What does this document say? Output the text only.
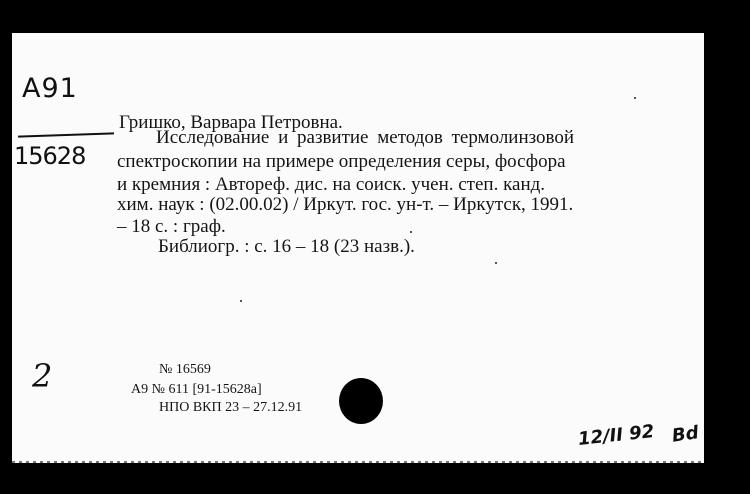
А91
15628
Гришко, Варвара Петровна.
Исследование и развитие методов термолинзовой
спектроскопии на примере определения серы, фосфора
и кремния : Автореф. дис. на соиск. учен. степ. канд.
хим. наук : (02.00.02) / Иркут. гос. ун-т. – Иркутск, 1991.
– 18 с. : граф.
Библиогр. : с. 16 – 18 (23 назв.).
2	№ 16569
А9 № 611 [91-15628а]
НПО ВКП 23 – 27.12.91
12/II 92 Bd
